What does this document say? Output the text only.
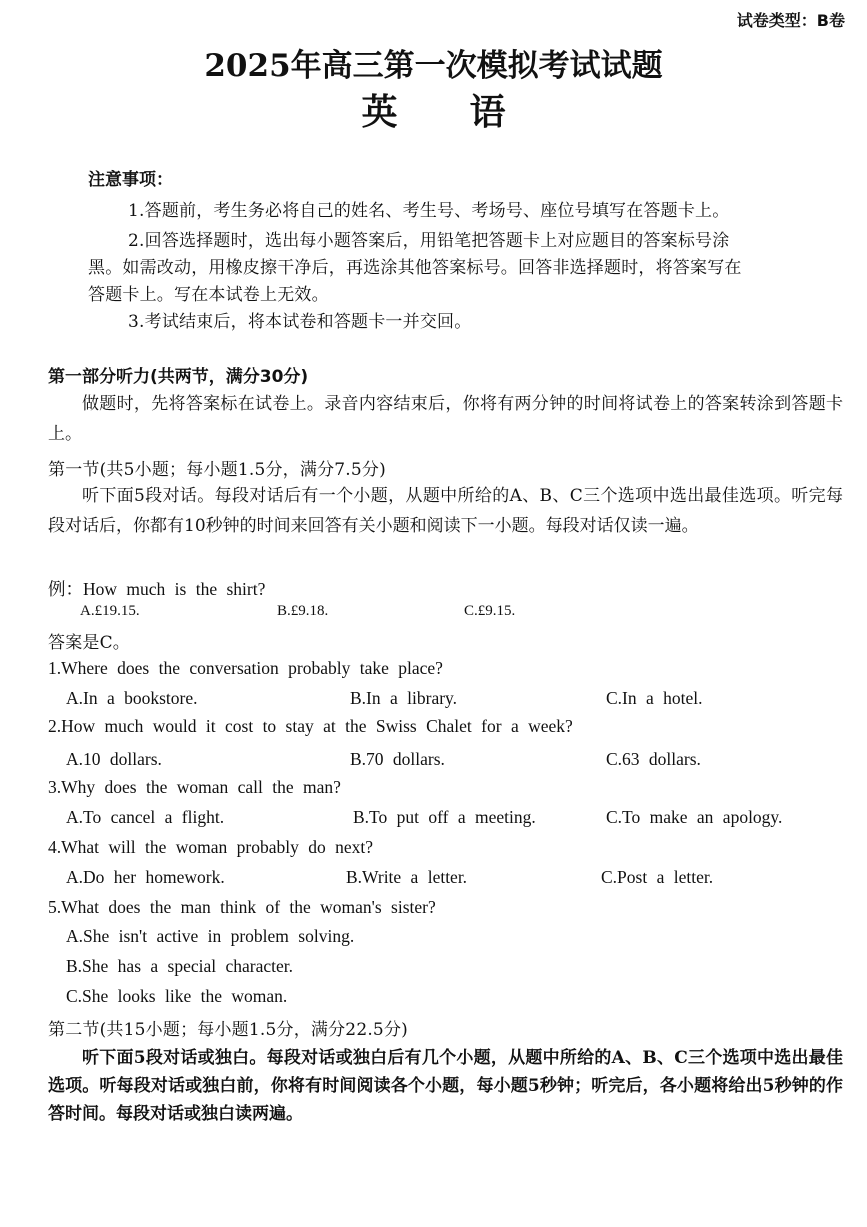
试卷类型：B卷
2025年高三第一次模拟考试试题
英　　语
注意事项：
1.答题前，考生务必将自己的姓名、考生号、考场号、座位号填写在答题卡上。
2.回答选择题时，选出每小题答案后，用铅笔把答题卡上对应题目的答案标号涂
黑。如需改动，用橡皮擦干净后，再选涂其他答案标号。回答非选择题时，将答案写在
答题卡上。写在本试卷上无效。
3.考试结束后，将本试卷和答题卡一并交回。
第一部分听力(共两节，满分30分)
做题时，先将答案标在试卷上。录音内容结束后，你将有两分钟的时间将试卷上的答案转涂到答题卡上。
第一节(共5小题；每小题1.5分，满分7.5分)
听下面5段对话。每段对话后有一个小题，从题中所给的A、B、C三个选项中选出最佳选项。听完每段对话后，你都有10秒钟的时间来回答有关小题和阅读下一小题。每段对话仅读一遍。
例：How much is the shirt?
A.£19.15.	B.£9.18.	C.£9.15.
答案是C。
1.Where does the conversation probably take place?
A.In a bookstore.	B.In a library.	C.In a hotel.
2.How much would it cost to stay at the Swiss Chalet for a week?
A.10 dollars.	B.70 dollars.	C.63 dollars.
3.Why does the woman call the man?
A.To cancel a flight.	B.To put off a meeting.	C.To make an apology.
4.What will the woman probably do next?
A.Do her homework.	B.Write a letter.	C.Post a letter.
5.What does the man think of the woman's sister?
A.She isn't active in problem solving.
B.She has a special character.
C.She looks like the woman.
第二节(共15小题；每小题1.5分，满分22.5分)
听下面5段对话或独白。每段对话或独白后有几个小题，从题中所给的A、B、C三个选项中选出最佳选项。听每段对话或独白前，你将有时间阅读各个小题，每小题5秒钟；听完后，各小题将给出5秒钟的作答时间。每段对话或独白读两遍。
